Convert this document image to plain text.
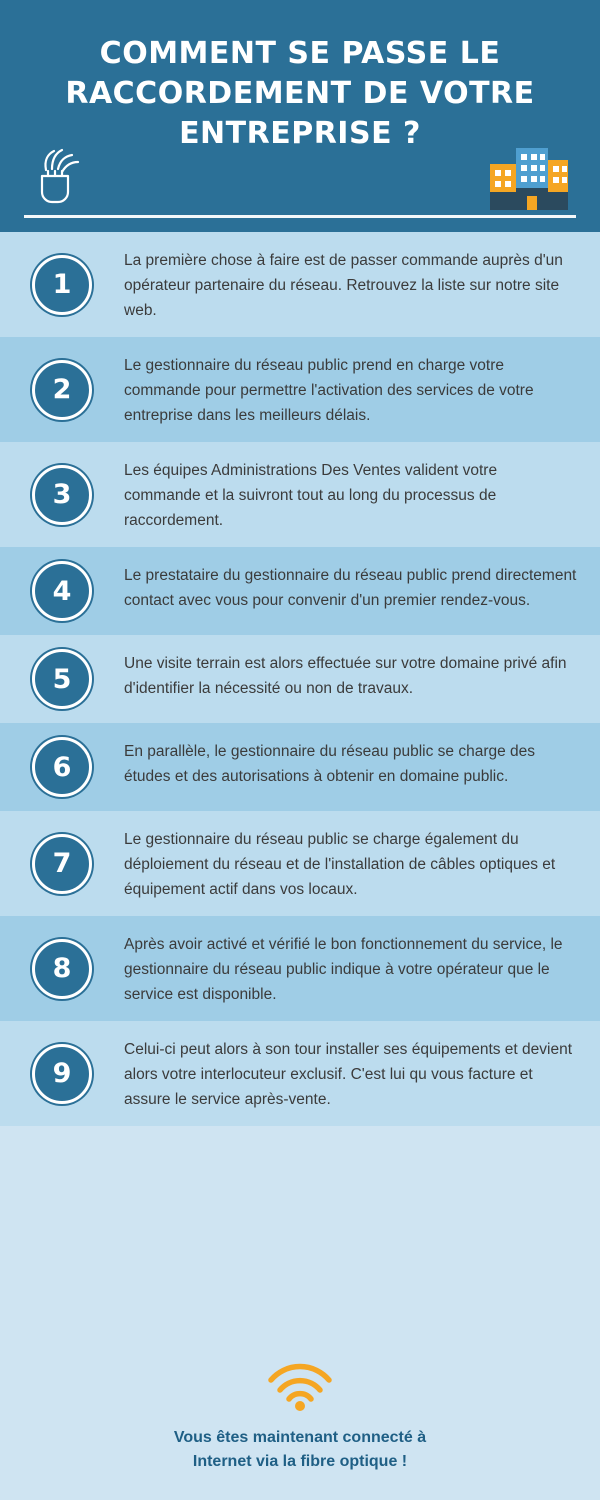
COMMENT SE PASSE LE RACCORDEMENT DE VOTRE ENTREPRISE ?
1
La première chose à faire est de passer commande auprès d'un opérateur partenaire du réseau. Retrouvez la liste sur notre site web.
2
Le gestionnaire du réseau public prend en charge votre commande pour permettre l'activation des services de votre entreprise dans les meilleurs délais.
3
Les équipes Administrations Des Ventes valident votre commande et la suivront tout au long du processus de raccordement.
4	Le prestataire du gestionnaire du réseau public prend directement contact avec vous pour convenir d'un premier rendez-vous.
5	Une visite terrain est alors effectuée sur votre domaine privé afin d'identifier la nécessité ou non de travaux.
6	En parallèle, le gestionnaire du réseau public se charge des études et des autorisations à obtenir en domaine public.
7
Le gestionnaire du réseau public se charge également du déploiement du réseau et de l'installation de câbles optiques et équipement actif dans vos locaux.
8
Après avoir activé et vérifié le bon fonctionnement du service, le gestionnaire du réseau public indique à votre opérateur que le service est disponible.
9
Celui-ci peut alors à son tour installer ses équipements et devient alors votre interlocuteur exclusif. C'est lui qu vous facture et assure le service après-vente.
Vous êtes maintenant connecté à
Internet via la fibre optique !
